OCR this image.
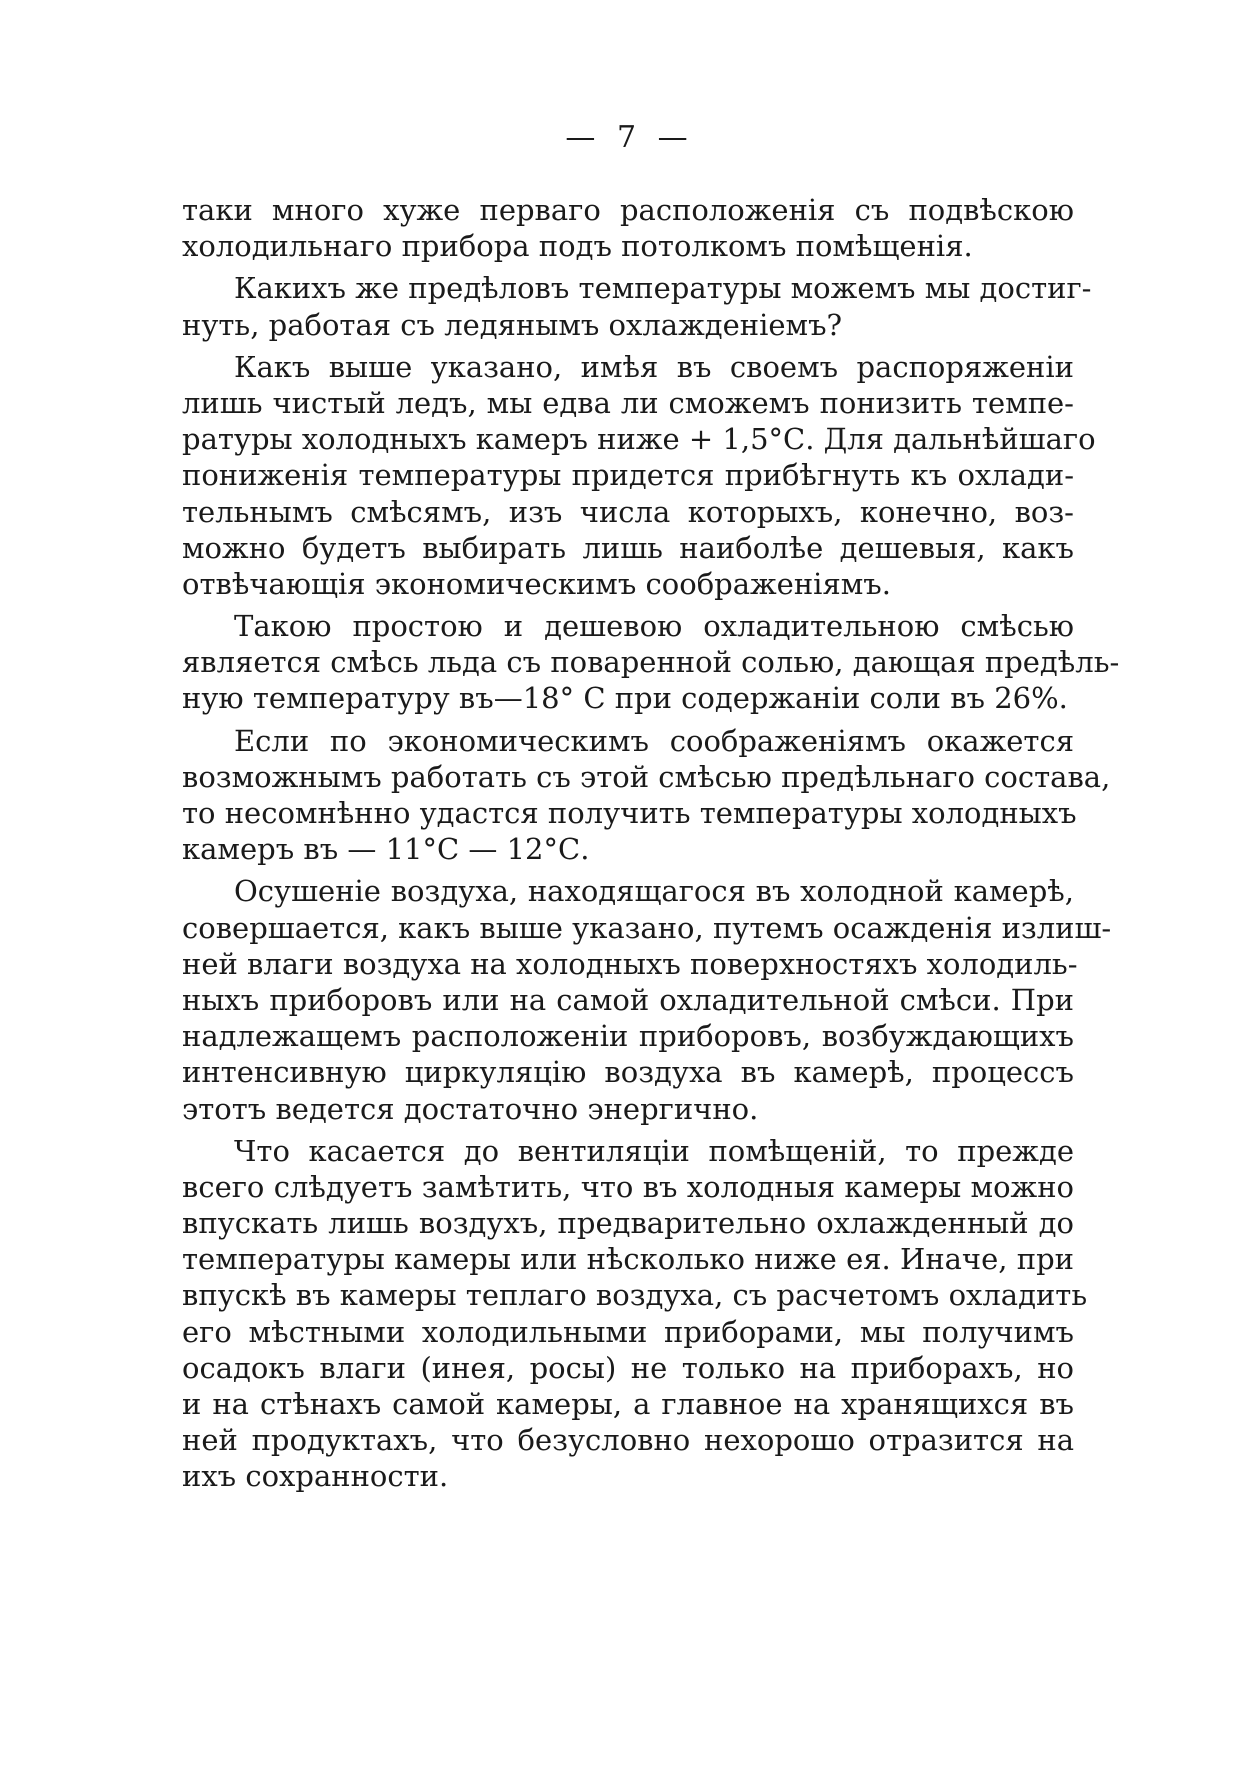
— 7 —
таки много хуже перваго расположенія съ подвѣскою
холодильнаго прибора подъ потолкомъ помѣщенія.
Какихъ же предѣловъ температуры можемъ мы достиг-
нуть, работая съ ледянымъ охлажденіемъ?
Какъ выше указано, имѣя въ своемъ распоряженіи
лишь чистый ледъ, мы едва ли сможемъ понизить темпе-
ратуры холодныхъ камеръ ниже + 1,5°С. Для дальнѣйшаго
пониженія температуры придется прибѣгнуть къ охлади-
тельнымъ смѣсямъ, изъ числа которыхъ, конечно, воз-
можно будетъ выбирать лишь наиболѣе дешевыя, какъ
отвѣчающія экономическимъ соображеніямъ.
Такою простою и дешевою охладительною смѣсью
является смѣсь льда съ поваренной солью, дающая предѣль-
ную температуру въ—18° С при содержаніи соли въ 26%.
Если по экономическимъ соображеніямъ окажется
возможнымъ работать съ этой смѣсью предѣльнаго состава,
то несомнѣнно удастся получить температуры холодныхъ
камеръ въ — 11°С — 12°С.
Осушеніе воздуха, находящагося въ холодной камерѣ,
совершается, какъ выше указано, путемъ осажденія излиш-
ней влаги воздуха на холодныхъ поверхностяхъ холодиль-
ныхъ приборовъ или на самой охладительной смѣси. При
надлежащемъ расположеніи приборовъ, возбуждающихъ
интенсивную циркуляцію воздуха въ камерѣ, процессъ
этотъ ведется достаточно энергично.
Что касается до вентиляціи помѣщеній, то прежде
всего слѣдуетъ замѣтить, что въ холодныя камеры можно
впускать лишь воздухъ, предварительно охлажденный до
температуры камеры или нѣсколько ниже ея. Иначе, при
впускѣ въ камеры теплаго воздуха, съ расчетомъ охладить
его мѣстными холодильными приборами, мы получимъ
осадокъ влаги (инея, росы) не только на приборахъ, но
и на стѣнахъ самой камеры, а главное на хранящихся въ
ней продуктахъ, что безусловно нехорошо отразится на
ихъ сохранности.
